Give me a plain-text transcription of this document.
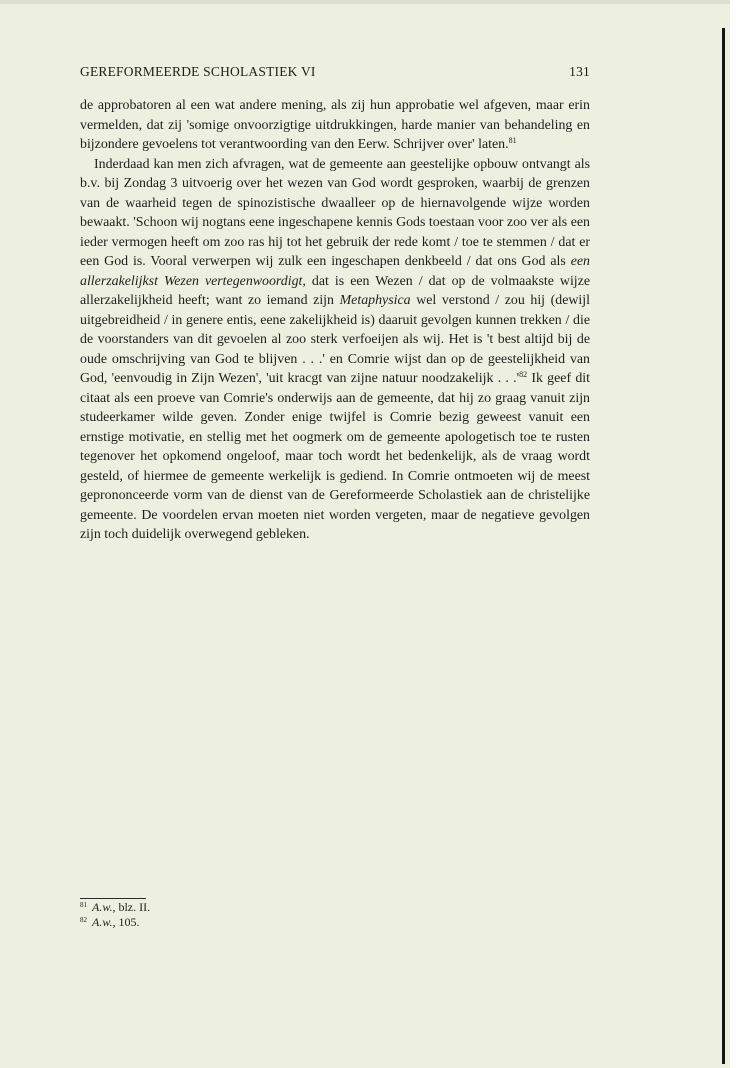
GEREFORMEERDE SCHOLASTIEK VI	131

de approbatoren al een wat andere mening, als zij hun approbatie wel afgeven, maar erin vermelden, dat zij 'somige onvoorzigtige uitdrukkingen, harde manier van behandeling en bijzondere gevoelens tot verantwoording van den Eerw. Schrijver over' laten.$^{81}$

Inderdaad kan men zich afvragen, wat de gemeente aan geestelijke opbouw ontvangt als b.v. bij Zondag 3 uitvoerig over het wezen van God wordt gesproken, waarbij de grenzen van de waarheid tegen de spinozistische dwaalleer op de hiernavolgende wijze worden bewaakt. 'Schoon wij nogtans eene ingeschapene kennis Gods toestaan voor zoo ver als een ieder vermogen heeft om zoo ras hij tot het gebruik der rede komt / toe te stemmen / dat er een God is. Vooral verwerpen wij zulk een ingeschapen denkbeeld / dat ons God als een allerzakelijkst Wezen vertegenwoordigt, dat is een Wezen / dat op de volmaakste wijze allerzakelijkheid heeft; want zo iemand zijn Metaphysica wel verstond / zou hij (dewijl uitgebreidheid / in genere entis, eene zakelijkheid is) daaruit gevolgen kunnen trekken / die de voorstanders van dit gevoelen al zoo sterk verfoeijen als wij. Het is 't best altijd bij de oude omschrijving van God te blijven . . .' en Comrie wijst dan op de geestelijkheid van God, 'eenvoudig in Zijn Wezen', 'uit kracgt van zijne natuur noodzakelijk . . $.'^{82}$ Ik geef dit citaat als een proeve van Comrie's onderwijs aan de gemeente, dat hij zo graag vanuit zijn studeerkamer wilde geven. Zonder enige twijfel is Comrie bezig geweest vanuit een ernstige motivatie, en stellig met het oogmerk om de gemeente apologetisch toe te rusten tegenover het opkomend ongeloof, maar toch wordt het bedenkelijk, als de vraag wordt gesteld, of hiermee de gemeente werkelijk is gediend. In Comrie ontmoeten wij de meest geprononceerde vorm van de dienst van de Gereformeerde Scholastiek aan de christelijke gemeente. De voordelen ervan moeten niet worden vergeten, maar de negatieve gevolgen zijn toch duidelijk overwegend gebleken.

$^{81}$ A.w., blz. II.
$^{82}$ A.w., 105.
